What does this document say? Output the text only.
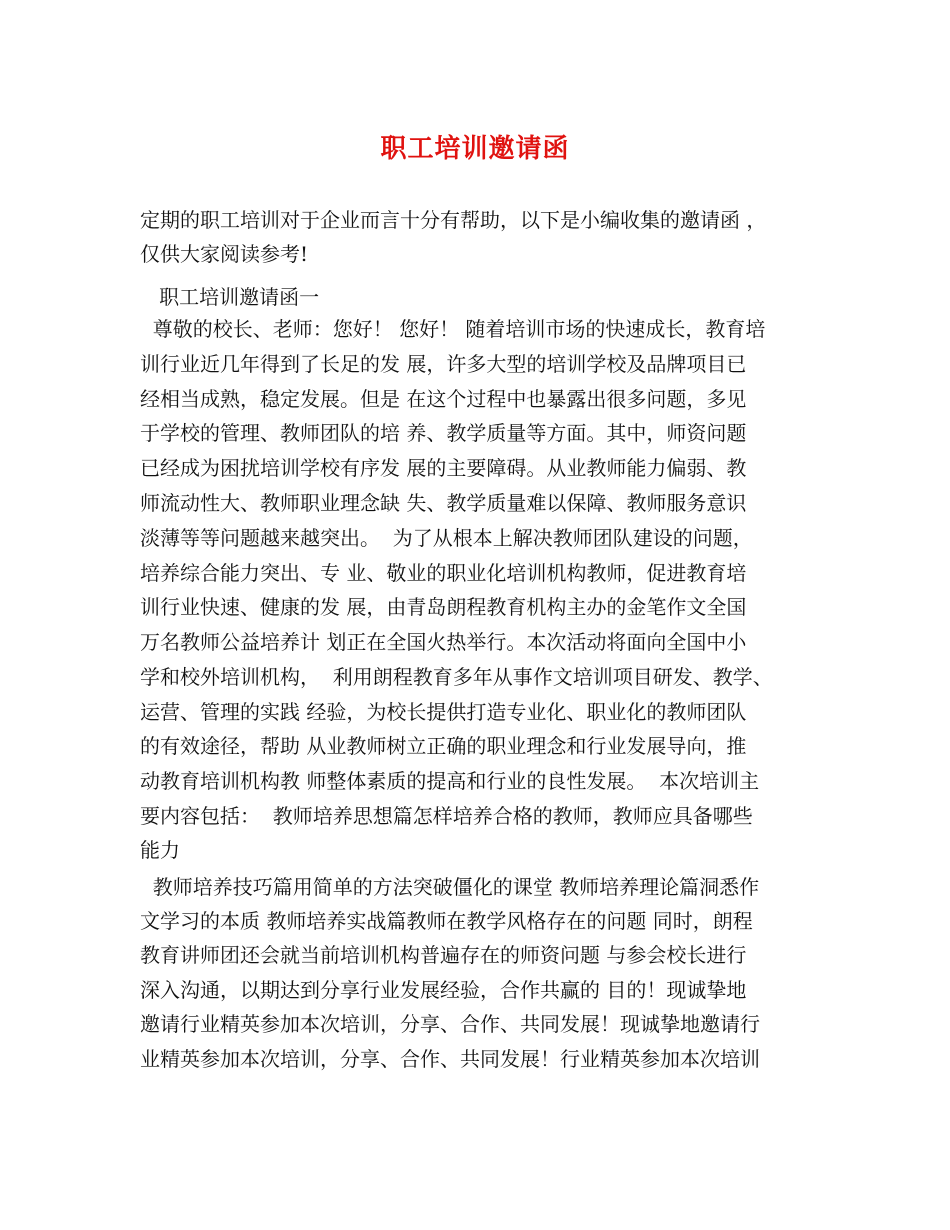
职工培训邀请函
定期的职工培训对于企业而言十分有帮助，以下是小编收集的邀请函 ，
仅供大家阅读参考!
职工培训邀请函一
尊敬的校长、老师：您好！ 您好！ 随着培训市场的快速成长，教育培
训行业近几年得到了长足的发 展，许多大型的培训学校及品牌项目已
经相当成熟，稳定发展。但是 在这个过程中也暴露出很多问题，多见
于学校的管理、教师团队的培 养、教学质量等方面。其中，师资问题
已经成为困扰培训学校有序发 展的主要障碍。从业教师能力偏弱、教
师流动性大、教师职业理念缺 失、教学质量难以保障、教师服务意识
淡薄等等问题越来越突出。  为了从根本上解决教师团队建设的问题，
培养综合能力突出、专 业、敬业的职业化培训机构教师，促进教育培
训行业快速、健康的发 展，由青岛朗程教育机构主办的金笔作文全国
万名教师公益培养计 划正在全国火热举行。本次活动将面向全国中小
学和校外培训机构，  利用朗程教育多年从事作文培训项目研发、教学、
运营、管理的实践 经验，为校长提供打造专业化、职业化的教师团队
的有效途径，帮助 从业教师树立正确的职业理念和行业发展导向，推
动教育培训机构教 师整体素质的提高和行业的良性发展。  本次培训主
要内容包括：  教师培养思想篇怎样培养合格的教师，教师应具备哪些
能力
教师培养技巧篇用简单的方法突破僵化的课堂 教师培养理论篇洞悉作
文学习的本质 教师培养实战篇教师在教学风格存在的问题 同时，朗程
教育讲师团还会就当前培训机构普遍存在的师资问题 与参会校长进行
深入沟通，以期达到分享行业发展经验，合作共赢的 目的！现诚挚地
邀请行业精英参加本次培训，分享、合作、共同发展！现诚挚地邀请行
业精英参加本次培训，分享、合作、共同发展！行业精英参加本次培训
